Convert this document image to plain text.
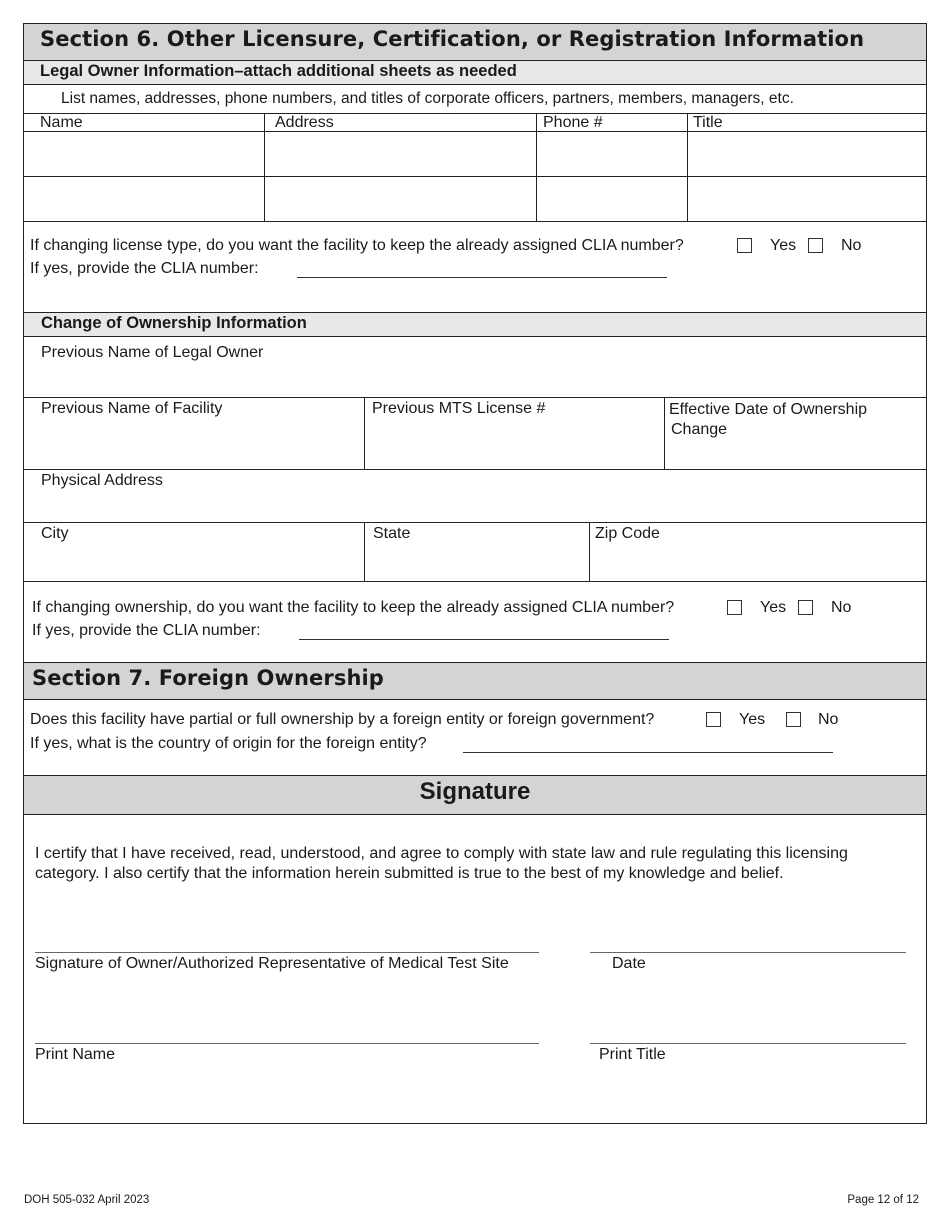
Section 6. Other Licensure, Certification, or Registration Information
Legal Owner Information–attach additional sheets as needed
List names, addresses, phone numbers, and titles of corporate officers, partners, members, managers, etc.
Name	Address	Phone #	Title
If changing license type, do you want the facility to keep the already assigned CLIA number?	Yes	No
If yes, provide the CLIA number:
Change of Ownership Information
Previous Name of Legal Owner
Previous Name of Facility	Previous MTS License #	Effective Date of Ownership
Change
Physical Address
City	State	Zip Code
If changing ownership, do you want the facility to keep the already assigned CLIA number?	Yes	No
If yes, provide the CLIA number:
Section 7. Foreign Ownership
Does this facility have partial or full ownership by a foreign entity or foreign government?	Yes	No
If yes, what is the country of origin for the foreign entity?
Signature
I certify that I have received, read, understood, and agree to comply with state law and rule regulating this licensing
category. I also certify that the information herein submitted is true to the best of my knowledge and belief.
Signature of Owner/Authorized Representative of Medical Test Site	Date
Print Name	Print Title
DOH 505-032 April 2023	Page 12 of 12
